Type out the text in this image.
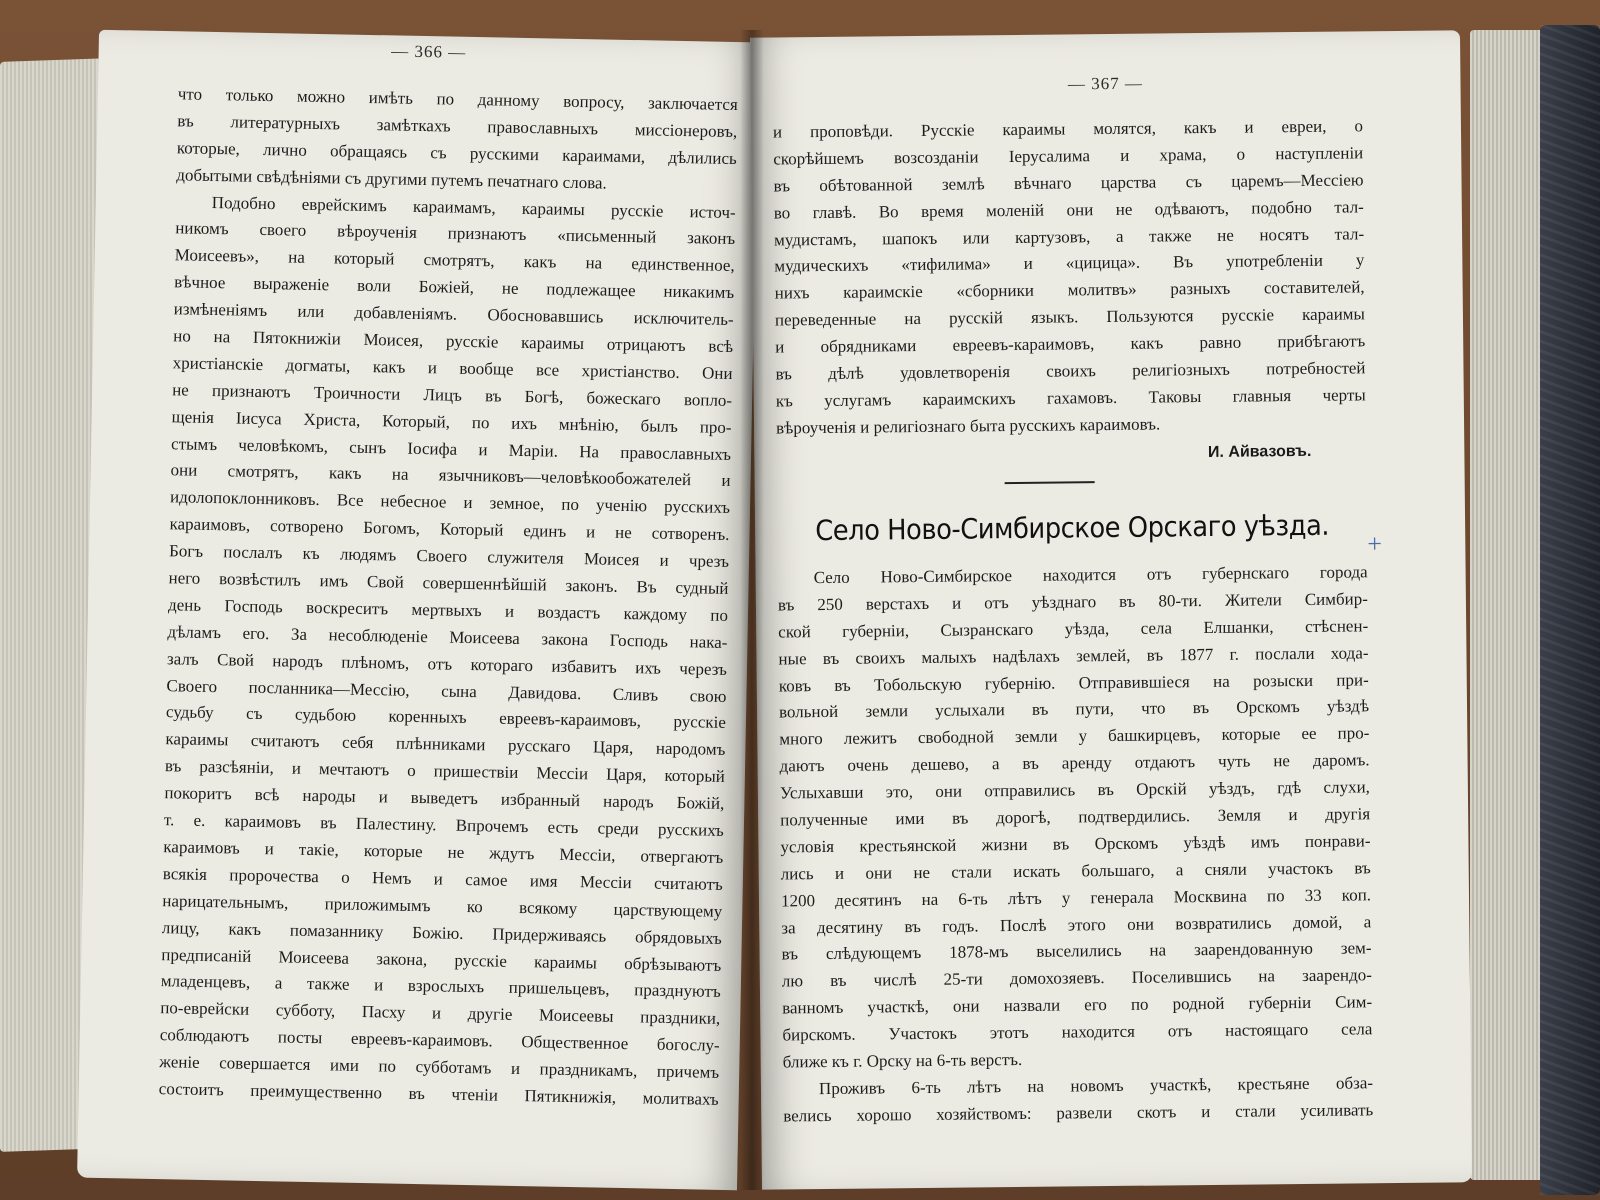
— 366 —
что только можно имѣть по данному вопросу, заключается
въ литературныхъ замѣткахъ православныхъ миссіонеровъ,
которые, лично обращаясь съ русскими караимами, дѣлились
добытыми свѣдѣніями съ другими путемъ печатнаго слова.
Подобно еврейскимъ караимамъ, караимы русскіе источ-
никомъ своего вѣроученія признаютъ «письменный законъ
Моисеевъ», на который смотрятъ, какъ на единственное,
вѣчное выраженіе воли Божіей, не подлежащее никакимъ
измѣненіямъ или добавленіямъ. Обосновавшись исключитель-
но на Пятокнижіи Моисея, русскіе караимы отрицаютъ всѣ
христіанскіе догматы, какъ и вообще все христіанство. Они
не признаютъ Троичности Лицъ въ Богѣ, божескаго вопло-
щенія Іисуса Христа, Который, по ихъ мнѣнію, былъ про-
стымъ человѣкомъ, сынъ Іосифа и Маріи. На православныхъ
они смотрятъ, какъ на язычниковъ—человѣкообожателей и
идолопоклонниковъ. Все небесное и земное, по ученію русскихъ
караимовъ, сотворено Богомъ, Который единъ и не сотворенъ.
Богъ послалъ къ людямъ Своего служителя Моисея и чрезъ
него возвѣстилъ имъ Свой совершеннѣйшій законъ. Въ судный
день Господь воскреситъ мертвыхъ и воздастъ каждому по
дѣламъ его. За несоблюденіе Моисеева закона Господь нака-
залъ Свой народъ плѣномъ, отъ котораго избавитъ ихъ черезъ
Своего посланника—Мессію, сына Давидова. Сливъ свою
судьбу съ судьбою коренныхъ евреевъ-караимовъ, русскіе
караимы считаютъ себя плѣнниками русскаго Царя, народомъ
въ разсѣяніи, и мечтаютъ о пришествіи Мессіи Царя, который
покоритъ всѣ народы и выведетъ избранный народъ Божій,
т. е. караимовъ въ Палестину. Впрочемъ есть среди русскихъ
караимовъ и такіе, которые не ждутъ Мессіи, отвергаютъ
всякія пророчества о Немъ и самое имя Мессіи считаютъ
нарицательнымъ, приложимымъ ко всякому царствующему
лицу, какъ помазаннику Божію. Придерживаясь обрядовыхъ
предписаній Моисеева закона, русскіе караимы обрѣзываютъ
младенцевъ, а также и взрослыхъ пришельцевъ, празднуютъ
по-еврейски субботу, Пасху и другіе Моисеевы праздники,
соблюдаютъ посты евреевъ-караимовъ. Общественное богослу-
женіе совершается ими по субботамъ и праздникамъ, причемъ
состоитъ преимущественно въ чтеніи Пятикнижія, молитвахъ
— 367 —
и проповѣди. Русскіе караимы молятся, какъ и евреи, о
скорѣйшемъ возсозданіи Іерусалима и храма, о наступленіи
въ обѣтованной землѣ вѣчнаго царства съ царемъ—Мессіею
во главѣ. Во время моленій они не одѣваютъ, подобно тал-
мудистамъ, шапокъ или картузовъ, а также не носятъ тал-
мудическихъ «тифилима» и «цицица». Въ употребленіи у
нихъ караимскіе «сборники молитвъ» разныхъ составителей,
переведенные на русскій языкъ. Пользуются русскіе караимы
и обрядниками евреевъ-караимовъ, какъ равно прибѣгаютъ
въ дѣлѣ удовлетворенія своихъ религіозныхъ потребностей
къ услугамъ караимскихъ гахамовъ. Таковы главныя черты
вѣроученія и религіознаго быта русскихъ караимовъ.
И. Айвазовъ.
Село Ново-Симбирское Орскаго уѣзда.	+
Село Ново-Симбирское находится отъ губернскаго города
въ 250 верстахъ и отъ уѣзднаго въ 80-ти. Жители Симбир-
ской губерніи, Сызранскаго уѣзда, села Елшанки, стѣснен-
ные въ своихъ малыхъ надѣлахъ землей, въ 1877 г. послали хода-
ковъ въ Тобольскую губернію. Отправившіеся на розыски при-
вольной земли услыхали въ пути, что въ Орскомъ уѣздѣ
много лежитъ свободной земли у башкирцевъ, которые ее про-
даютъ очень дешево, а въ аренду отдаютъ чуть не даромъ.
Услыхавши это, они отправились въ Орскій уѣздъ, гдѣ слухи,
полученные ими въ дорогѣ, подтвердились. Земля и другія
условія крестьянской жизни въ Орскомъ уѣздѣ имъ понрави-
лись и они не стали искать большаго, а сняли участокъ въ
1200 десятинъ на 6-ть лѣтъ у генерала Москвина по 33 коп.
за десятину въ годъ. Послѣ этого они возвратились домой, а
въ слѣдующемъ 1878-мъ выселились на заарендованную зем-
лю въ числѣ 25-ти домохозяевъ. Поселившись на заарендо-
ванномъ участкѣ, они назвали его по родной губерніи Сим-
бирскомъ. Участокъ этотъ находится отъ настоящаго села
ближе къ г. Орску на 6-ть верстъ.
Проживъ 6-ть лѣтъ на новомъ участкѣ, крестьяне обза-
велись хорошо хозяйствомъ: развели скотъ и стали усиливать
